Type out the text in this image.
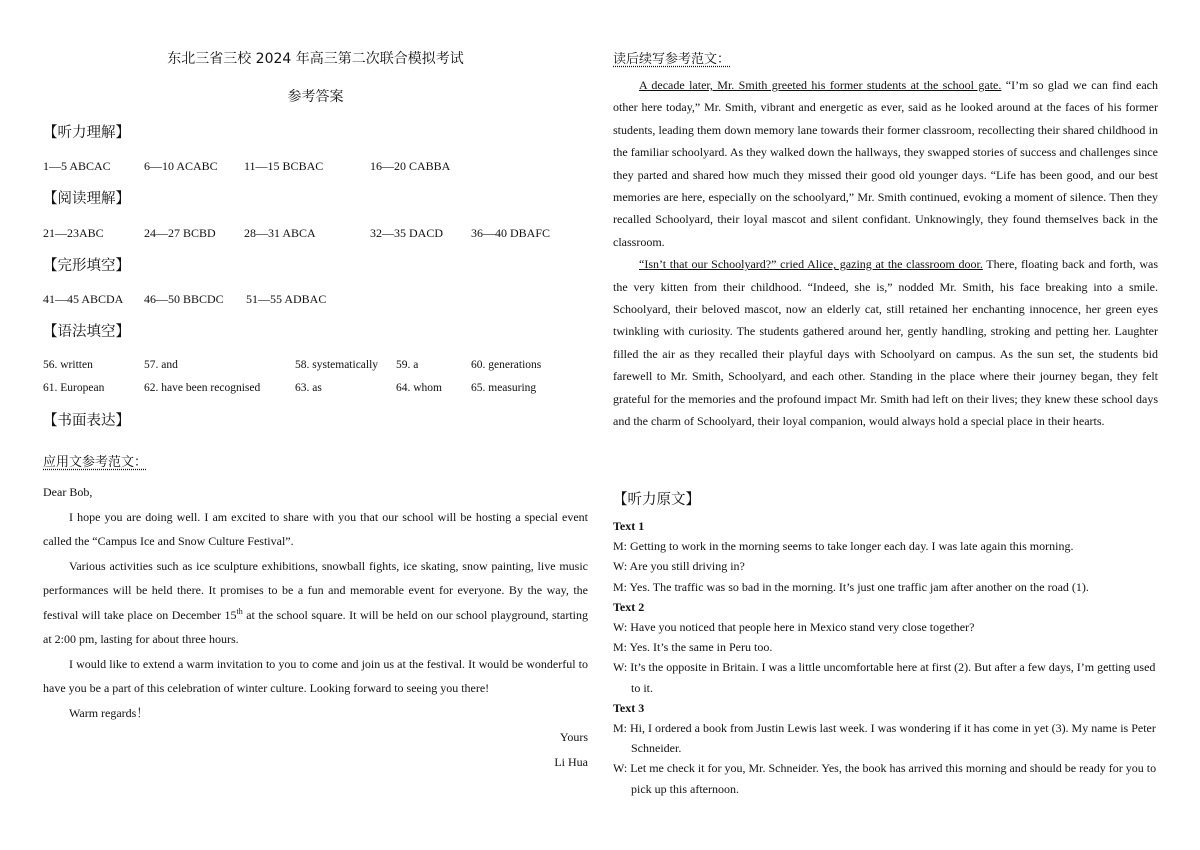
东北三省三校 2024 年高三第二次联合模拟考试
参考答案
【听力理解】
1—5 ABCAC	6—10 ACABC 11—15 BCBAC	16—20 CABBA
【阅读理解】
21—23ABC	24—27 BCBD 28—31 ABCA	32—35 DACD 36—40 DBAFC
【完形填空】
41—45 ABCDA 46—50 BBCDC 51—55 ADBAC
【语法填空】
56. written	57. and	58. systematically 59. a	60. generations
61. European	62. have been recognised	63. as	64. whom	65. measuring
【书面表达】
应用文参考范文：

Dear Bob,

I hope you are doing well. I am excited to share with you that our school will be hosting a special event called the “Campus Ice and Snow Culture Festival”.

Various activities such as ice sculpture exhibitions, snowball fights, ice skating, snow painting, live music performances will be held there. It promises to be a fun and memorable event for everyone. By the way, the festival will take place on December 15th at the school square. It will be held on our school playground, starting at 2:00 pm, lasting for about three hours.

I would like to extend a warm invitation to you to come and join us at the festival. It would be wonderful to have you be a part of this celebration of winter culture. Looking forward to seeing you there!

Warm regards！

Yours

Li Hua

读后续写参考范文：

A decade later, Mr. Smith greeted his former students at the school gate. “I’m so glad we can find each other here today,” Mr. Smith, vibrant and energetic as ever, said as he looked around at the faces of his former students, leading them down memory lane towards their former classroom, recollecting their shared childhood in the familiar schoolyard. As they walked down the hallways, they swapped stories of success and challenges since they parted and shared how much they missed their good old younger days. “Life has been good, and our best memories are here, especially on the schoolyard,” Mr. Smith continued, evoking a moment of silence. Then they recalled Schoolyard, their loyal mascot and silent confidant. Unknowingly, they found themselves back in the classroom.

“Isn’t that our Schoolyard?” cried Alice, gazing at the classroom door. There, floating back and forth, was the very kitten from their childhood. “Indeed, she is,” nodded Mr. Smith, his face breaking into a smile. Schoolyard, their beloved mascot, now an elderly cat, still retained her enchanting innocence, her green eyes twinkling with curiosity. The students gathered around her, gently handling, stroking and petting her. Laughter filled the air as they recalled their playful days with Schoolyard on campus. As the sun set, the students bid farewell to Mr. Smith, Schoolyard, and each other. Standing in the place where their journey began, they felt grateful for the memories and the profound impact Mr. Smith had left on their lives; they knew these school days and the charm of Schoolyard, their loyal companion, would always hold a special place in their hearts.

【听力原文】
Text 1
M: Getting to work in the morning seems to take longer each day. I was late again this morning.
W: Are you still driving in?
M: Yes. The traffic was so bad in the morning. It’s just one traffic jam after another on the road (1).
Text 2
W: Have you noticed that people here in Mexico stand very close together?
M: Yes. It’s the same in Peru too.
W: It’s the opposite in Britain. I was a little uncomfortable here at first (2). But after a few days, I’m getting used to it.
Text 3
M: Hi, I ordered a book from Justin Lewis last week. I was wondering if it has come in yet (3). My name is Peter Schneider.
W: Let me check it for you, Mr. Schneider. Yes, the book has arrived this morning and should be ready for you to pick up this afternoon.
